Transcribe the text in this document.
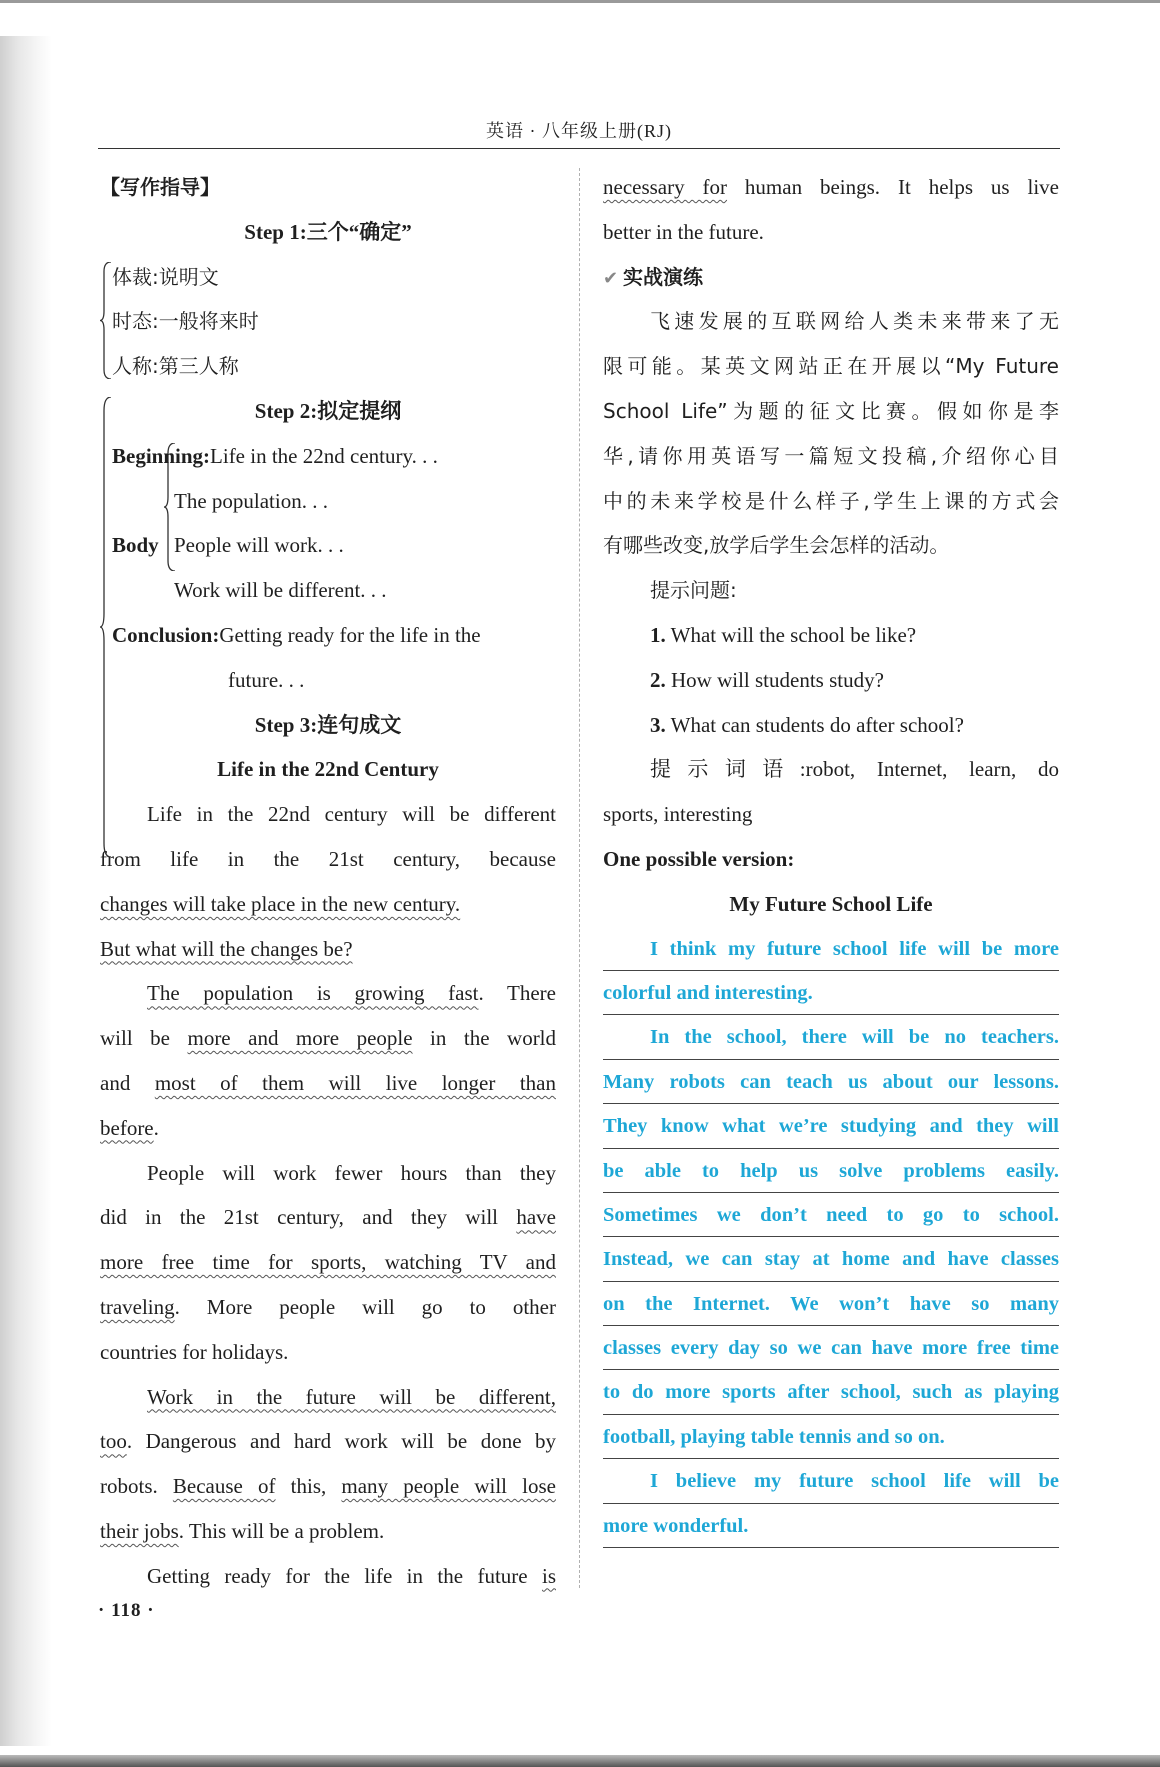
英语 · 八年级上册(RJ)
【写作指导】
Step 1:三个“确定”
体裁:说明文
时态:一般将来时
人称:第三人称
Step 2:拟定提纲
Beginning:Life in the 22nd century. . .
The population. . .
Body People will work. . .
Work will be different. . .
Conclusion:Getting ready for the life in the
future. . .
Step 3:连句成文
Life in the 22nd Century
Life in the 22nd century will be different
from life in the 21st century, because
changes will take place in the new century.
But what will the changes be?
The population is growing fast. There
will be more and more people in the world
and most of them will live longer than
before.
People will work fewer hours than they
did in the 21st century, and they will have
more free time for sports, watching TV and
traveling. More people will go to other
countries for holidays.
Work in the future will be different,
too. Dangerous and hard work will be done by
robots. Because of this, many people will lose
their jobs. This will be a problem.
Getting ready for the life in the future is
necessary for human beings. It helps us live
better in the future.
✔ 实战演练
飞速发展的互联网给人类未来带来了无
限可能。某英文网站正在开展以“My Future
School Life”为题的征文比赛。假如你是李
华,请你用英语写一篇短文投稿,介绍你心目
中的未来学校是什么样子,学生上课的方式会
有哪些改变,放学后学生会怎样的活动。
提示问题:
1. What will the school be like?
2. How will students study?
3. What can students do after school?
提示词语:robot, Internet, learn, do
sports, interesting
One possible version:
My Future School Life
I think my future school life will be more
colorful and interesting.
In the school, there will be no teachers.
Many robots can teach us about our lessons.
They know what we’re studying and they will
be able to help us solve problems easily.
Sometimes we don’t need to go to school.
Instead, we can stay at home and have classes
on the Internet. We won’t have so many
classes every day so we can have more free time
to do more sports after school, such as playing
football, playing table tennis and so on.
I believe my future school life will be
more wonderful.
· 118 ·
